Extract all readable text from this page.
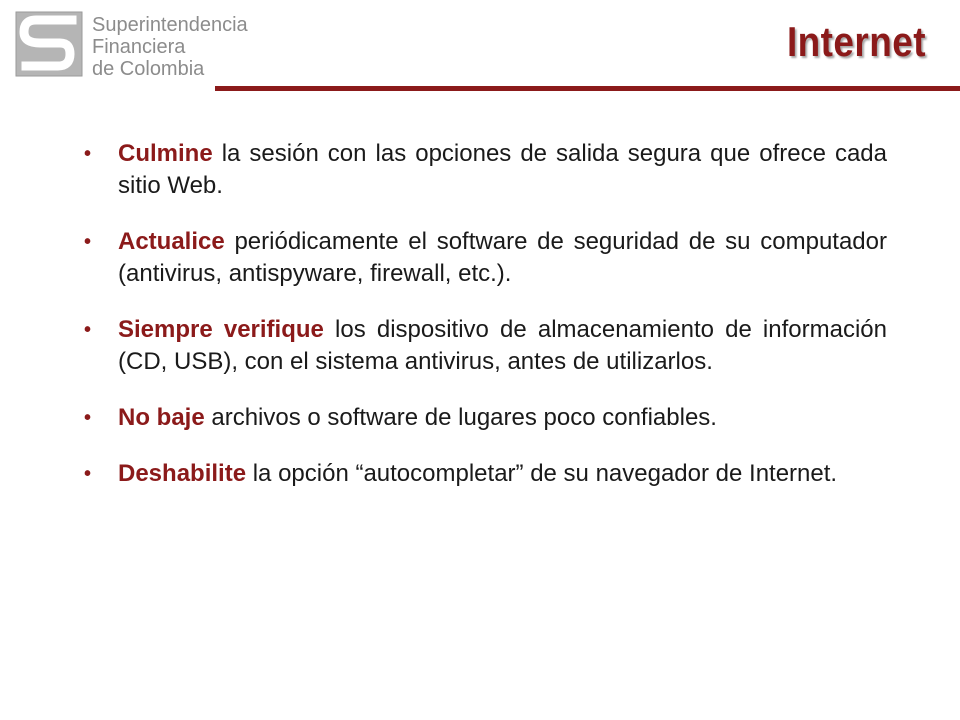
Superintendencia
Financiera
de Colombia
Internet
• Culmine la sesión con las opciones de salida segura que ofrece cada sitio Web.
• Actualice periódicamente el software de seguridad de su computador (antivirus, antispyware, firewall, etc.).
• Siempre verifique los dispositivo de almacenamiento de información (CD, USB), con el sistema antivirus, antes de utilizarlos.
• No baje archivos o software de lugares poco confiables.
• Deshabilite la opción “autocompletar” de su navegador de Internet.
